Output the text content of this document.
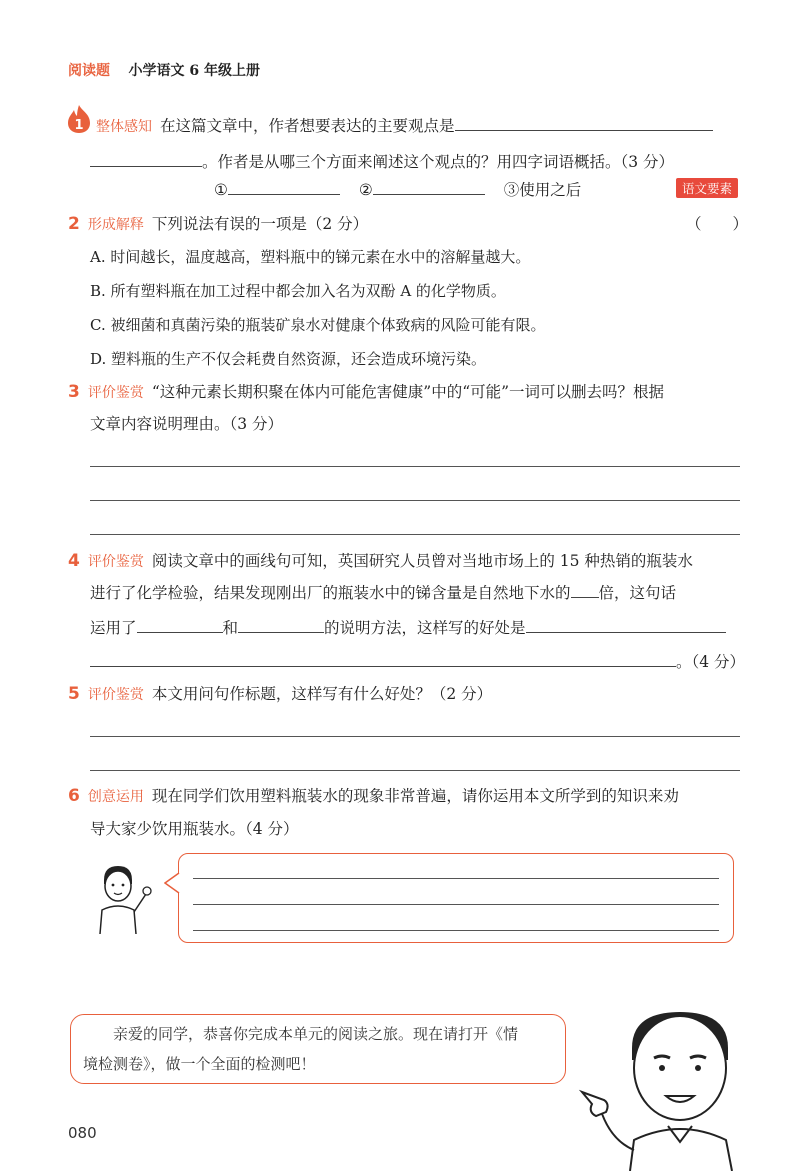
阅读题 小学语文 6 年级上册
1 整体感知 在这篇文章中，作者想要表达的主要观点是
。作者是从哪三个方面来阐述这个观点的？用四字词语概括。（3 分）
①	②	③使用之后	语文要素
2 形成解释 下列说法有误的一项是（2 分）	（　　）
A. 时间越长，温度越高，塑料瓶中的锑元素在水中的溶解量越大。
B. 所有塑料瓶在加工过程中都会加入名为双酚 A 的化学物质。
C. 被细菌和真菌污染的瓶装矿泉水对健康个体致病的风险可能有限。
D. 塑料瓶的生产不仅会耗费自然资源，还会造成环境污染。
3 评价鉴赏 “这种元素长期积聚在体内可能危害健康”中的“可能”一词可以删去吗？根据
文章内容说明理由。（3 分）
4 评价鉴赏 阅读文章中的画线句可知，英国研究人员曾对当地市场上的 15 种热销的瓶装水
进行了化学检验，结果发现刚出厂的瓶装水中的锑含量是自然地下水的 倍，这句话
运用了	和	的说明方法，这样写的好处是
。（4 分）
5 评价鉴赏 本文用问句作标题，这样写有什么好处？（2 分）
6 创意运用 现在同学们饮用塑料瓶装水的现象非常普遍，请你运用本文所学到的知识来劝
导大家少饮用瓶装水。（4 分）
亲爱的同学，恭喜你完成本单元的阅读之旅。现在请打开《情
境检测卷》，做一个全面的检测吧！
080
